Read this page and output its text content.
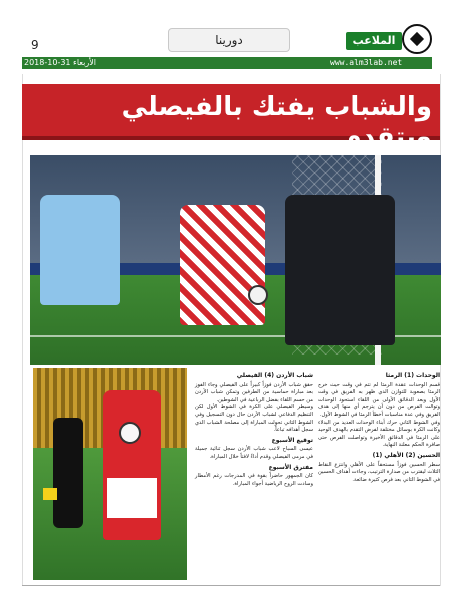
9	دورينا	الملاعب
الأربعاء 31-10-2018	www.alm3lab.net
والشباب يفتك بالفيصلي ويتقدم
الوحدات (1) الرمثا
قسم الوحدات عقدة الرمثا لم تتم في وقت حيث خرج الرمثا بصعوبة للتوازن الذي ظهر به الفريق في وقت الأول وبعد الدقائق الأولى من اللقاء استحوذ الوحدات وتوالت الفرص من دون أن يترجم أي منها إلى هدف الفريق وفي عدة مناسبات أخطأ الرمثا في الشوط الأول.
وفي الشوط الثاني حرك أبناء الوحدات العديد من البدلاء وكانت الكرة بوسائل مختلفة لفرض التقدم بالهدف الوحيد على الرمثا في الدقائق الأخيرة وتواصلت الفرص حتى صافرة الحكم معلنة النهاية.
الحسين (2) الأهلي (1)
سطر الحسين فوزاً مستحقاً على الأهلي وانتزع النقاط الثلاث ليقترب من صدارة الترتيب، وجاءت أهداف الحسين في الشوط الثاني بعد فرص كثيرة ضائعة.
شباب الأردن (4) الفيصلي
حقق شباب الأردن فوزاً كبيراً على الفيصلي وجاء الفوز بعد مباراة حماسية من الطرفين وتمكن شباب الأردن من حسم اللقاء بفضل الرباعية في الشوطين.
وسيطر الفيصلي على الكرة في الشوط الأول لكن التنظيم الدفاعي لشباب الأردن حال دون التسجيل وفي الشوط الثاني تحولت المباراة إلى مصلحة الشباب الذي سجل أهدافه تباعاً.
توقيع الأسبوع
عيسى السباح لاعب شباب الأردن سجل ثنائية جميلة في مرمى الفيصلي وقدم أداءً لافتاً خلال المباراة.
مفترق الأسبوع
كان الجمهور حاضراً بقوة في المدرجات رغم الأمطار وسادت الروح الرياضية أجواء المباراة.
